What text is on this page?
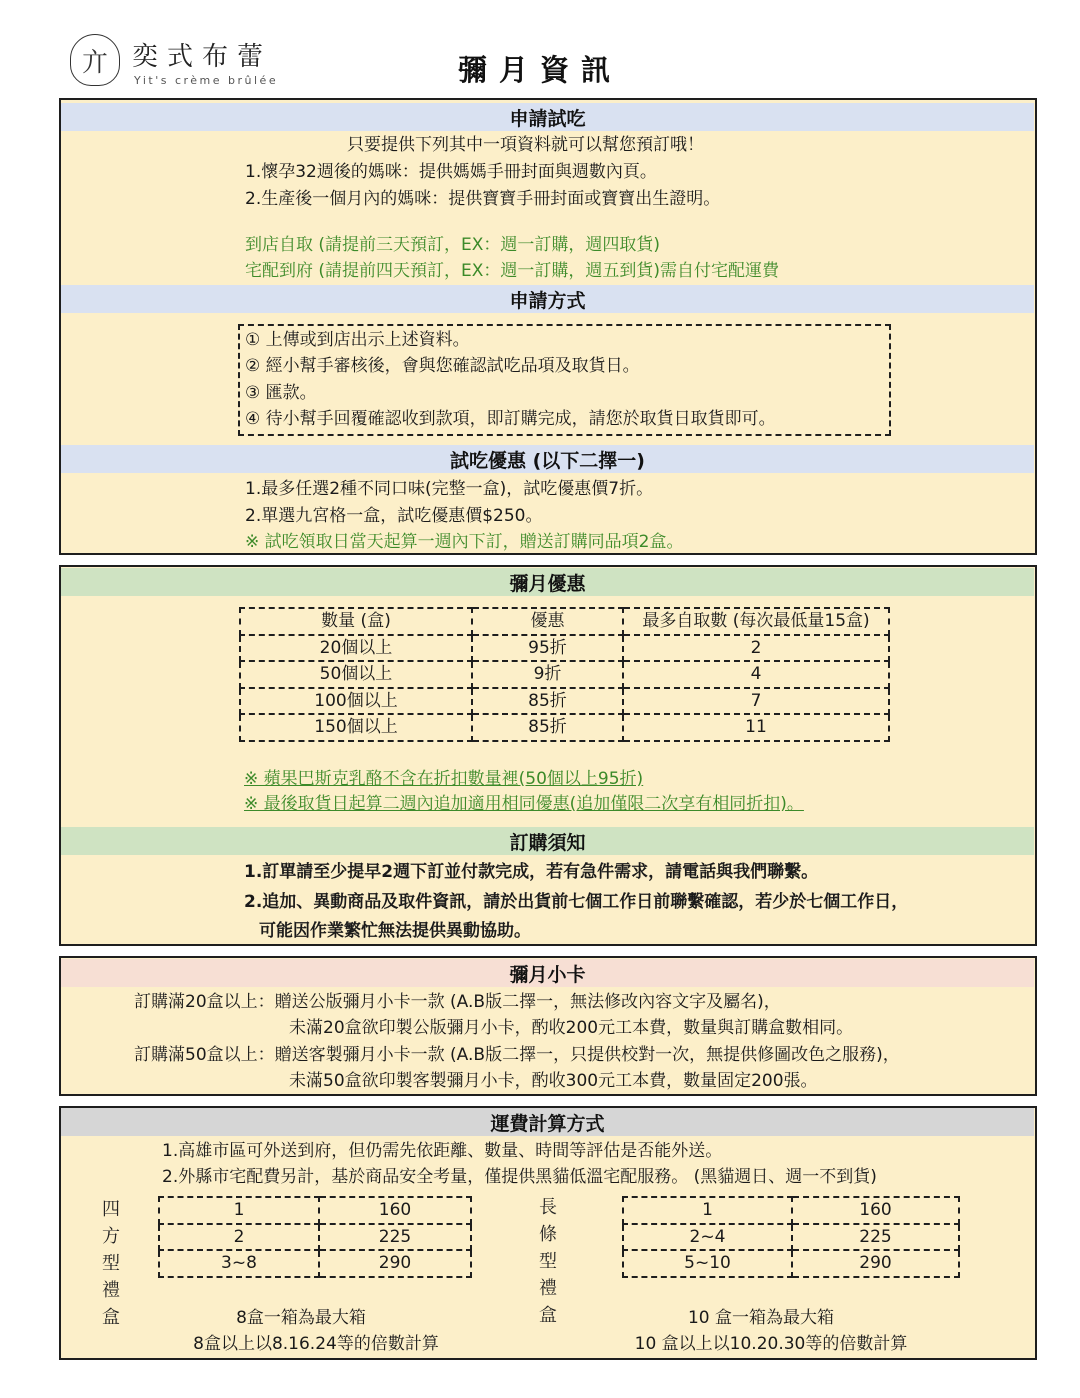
亣 奕式布蕾
Yit's crème brûlée	彌月資訊
申請試吃
只要提供下列其中一項資料就可以幫您預訂哦！
1.懷孕32週後的媽咪：提供媽媽手冊封面與週數內頁。
2.生產後一個月內的媽咪：提供寶寶手冊封面或寶寶出生證明。
到店自取 (請提前三天預訂，EX：週一訂購，週四取貨)
宅配到府 (請提前四天預訂，EX：週一訂購，週五到貨)需自付宅配運費
申請方式
① 上傳或到店出示上述資料。
② 經小幫手審核後，會與您確認試吃品項及取貨日。
③ 匯款。
④ 待小幫手回覆確認收到款項，即訂購完成，請您於取貨日取貨即可。
試吃優惠 (以下二擇一)
1.最多任選2種不同口味(完整一盒)，試吃優惠價7折。
2.單選九宮格一盒，試吃優惠價$250。
※ 試吃領取日當天起算一週內下訂，贈送訂購同品項2盒。
彌月優惠
數量 (盒)	優惠	最多自取數 (每次最低量15盒)
20個以上	95折	2
50個以上	9折	4
100個以上	85折	7
150個以上	85折	11
※ 蘋果巴斯克乳酪不含在折扣數量裡(50個以上95折)
※ 最後取貨日起算二週內追加適用相同優惠(追加僅限二次享有相同折扣)。
訂購須知
1.訂單請至少提早2週下訂並付款完成，若有急件需求，請電話與我們聯繫。
2.追加、異動商品及取件資訊，請於出貨前七個工作日前聯繫確認，若少於七個工作日，
可能因作業繁忙無法提供異動協助。
彌月小卡
訂購滿20盒以上：贈送公版彌月小卡一款 (A.B版二擇一，無法修改內容文字及屬名)，
未滿20盒欲印製公版彌月小卡，酌收200元工本費，數量與訂購盒數相同。
訂購滿50盒以上：贈送客製彌月小卡一款 (A.B版二擇一，只提供校對一次，無提供修圖改色之服務)，
未滿50盒欲印製客製彌月小卡，酌收300元工本費，數量固定200張。
運費計算方式
1.高雄市區可外送到府，但仍需先依距離、數量、時間等評估是否能外送。
2.外縣市宅配費另計，基於商品安全考量，僅提供黑貓低溫宅配服務。 (黑貓週日、週一不到貨)
四
方
型
禮
盒
1	160
2	225
3~8	290
8盒一箱為最大箱
8盒以上以8.16.24等的倍數計算
長
條
型
禮
盒
1	160
2~4	225
5~10	290
10 盒一箱為最大箱
10 盒以上以10.20.30等的倍數計算
